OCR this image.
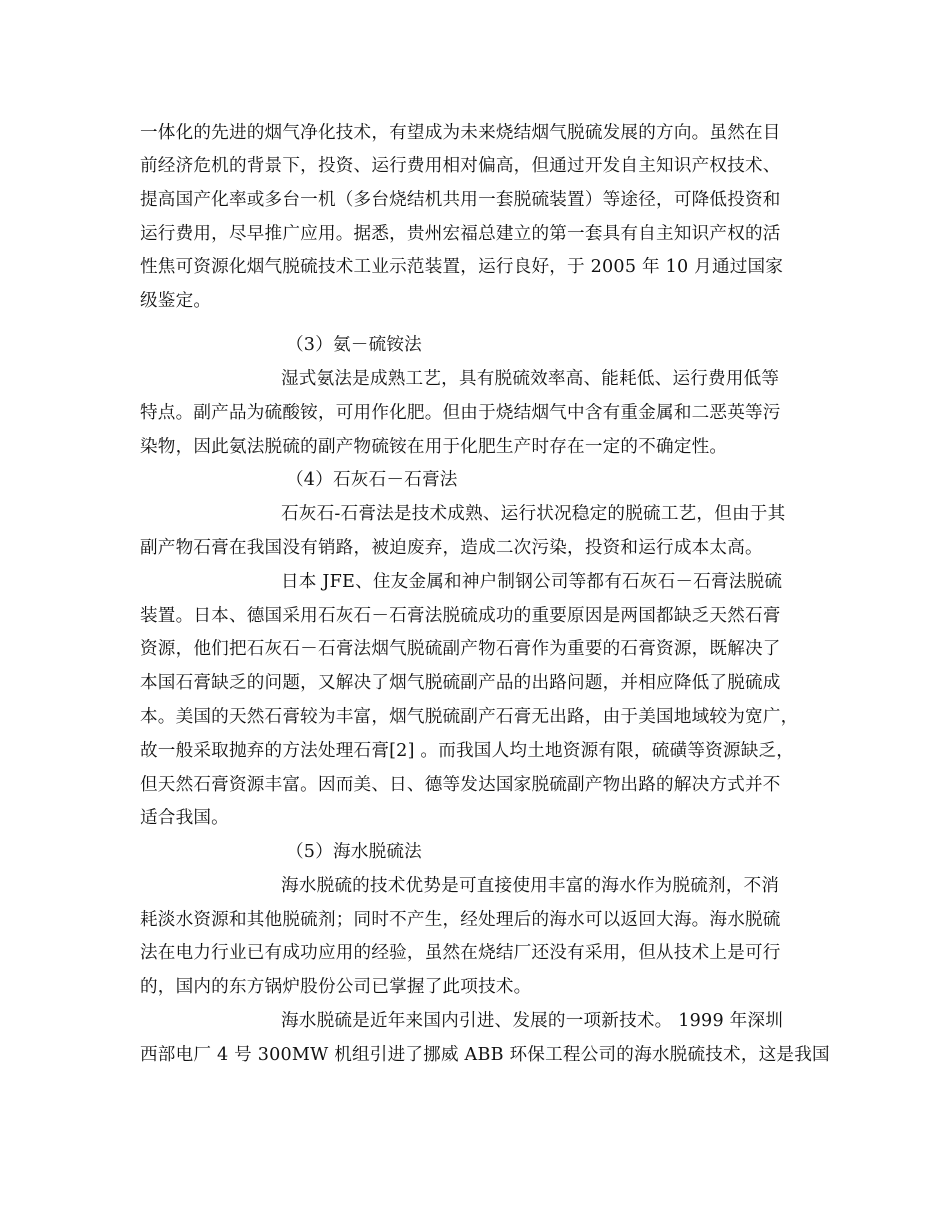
一体化的先进的烟气净化技术，有望成为未来烧结烟气脱硫发展的方向。虽然在目
前经济危机的背景下，投资、运行费用相对偏高，但通过开发自主知识产权技术、
提高国产化率或多台一机（多台烧结机共用一套脱硫装置）等途径，可降低投资和
运行费用，尽早推广应用。据悉，贵州宏福总建立的第一套具有自主知识产权的活
性焦可资源化烟气脱硫技术工业示范装置，运行良好，于 2005 年 10 月通过国家
级鉴定。
（3）氨－硫铵法
湿式氨法是成熟工艺，具有脱硫效率高、能耗低、运行费用低等
特点。副产品为硫酸铵，可用作化肥。但由于烧结烟气中含有重金属和二恶英等污
染物，因此氨法脱硫的副产物硫铵在用于化肥生产时存在一定的不确定性。
（4）石灰石－石膏法
石灰石-石膏法是技术成熟、运行状况稳定的脱硫工艺，但由于其
副产物石膏在我国没有销路，被迫废弃，造成二次污染，投资和运行成本太高。
日本 JFE、住友金属和神户制钢公司等都有石灰石－石膏法脱硫
装置。日本、德国采用石灰石－石膏法脱硫成功的重要原因是两国都缺乏天然石膏
资源，他们把石灰石－石膏法烟气脱硫副产物石膏作为重要的石膏资源，既解决了
本国石膏缺乏的问题，又解决了烟气脱硫副产品的出路问题，并相应降低了脱硫成
本。美国的天然石膏较为丰富，烟气脱硫副产石膏无出路，由于美国地域较为宽广，
故一般采取抛弃的方法处理石膏[2] 。而我国人均土地资源有限，硫磺等资源缺乏，
但天然石膏资源丰富。因而美、日、德等发达国家脱硫副产物出路的解决方式并不
适合我国。
（5）海水脱硫法
海水脱硫的技术优势是可直接使用丰富的海水作为脱硫剂，不消
耗淡水资源和其他脱硫剂；同时不产生，经处理后的海水可以返回大海。海水脱硫
法在电力行业已有成功应用的经验，虽然在烧结厂还没有采用，但从技术上是可行
的，国内的东方锅炉股份公司已掌握了此项技术。
海水脱硫是近年来国内引进、发展的一项新技术。 1999 年深圳
西部电厂 4 号 300MW 机组引进了挪威 ABB 环保工程公司的海水脱硫技术，这是我国
